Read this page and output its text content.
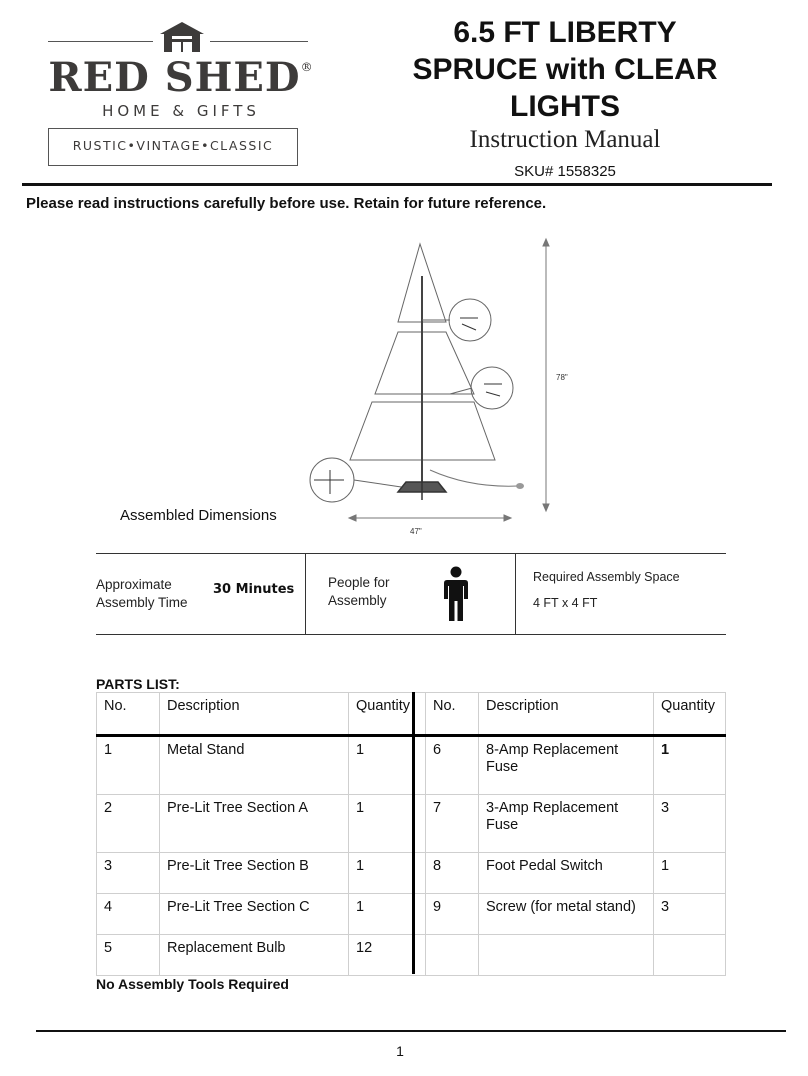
RED SHED®
HOME & GIFTS
RUSTIC•VINTAGE•CLASSIC
6.5 FT LIBERTY
SPRUCE with CLEAR
LIGHTS
Instruction Manual
SKU# 1558325
Please read instructions carefully before use. Retain for future reference.
78"
47"
Assembled Dimensions
Approximate
Assembly Time
30 Minutes People for
Assembly
Required Assembly Space
4 FT x 4 FT
PARTS LIST:
No.	Description	Quantity	No.	Description	Quantity
1	Metal Stand	1	6	8-Amp Replacement Fuse	1
2	Pre-Lit Tree Section A	1	7	3-Amp Replacement Fuse	3
3	Pre-Lit Tree Section B	1	8	Foot Pedal Switch	1
4	Pre-Lit Tree Section C	1	9	Screw (for metal stand)	3
5	Replacement Bulb	12			
No Assembly Tools Required
1
